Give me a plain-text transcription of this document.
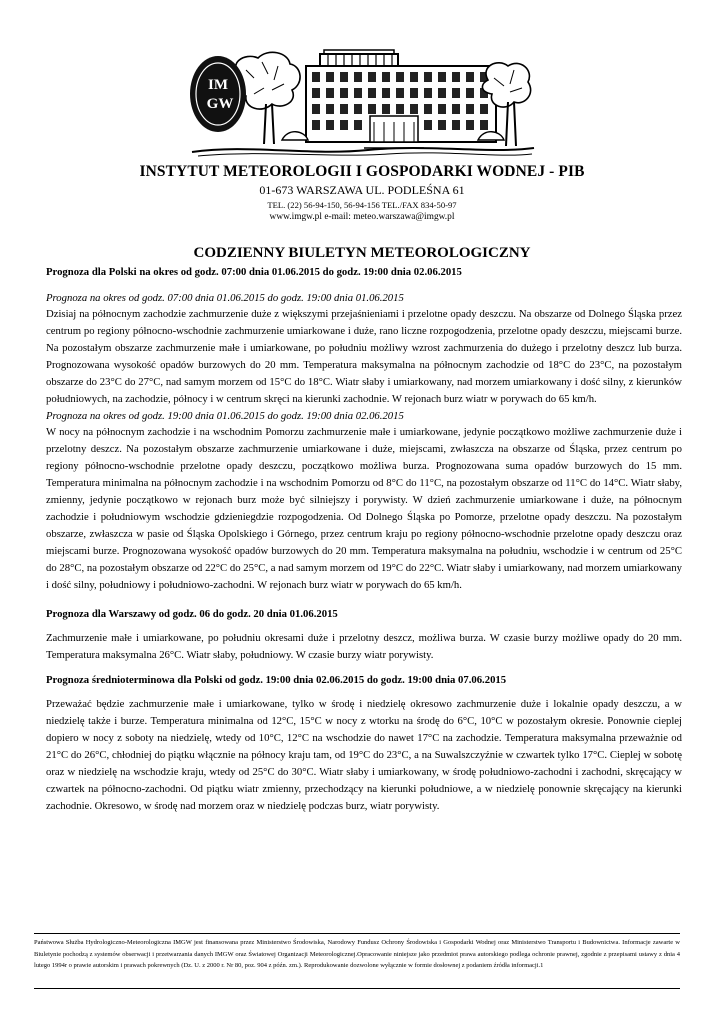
IM
GW
INSTYTUT METEOROLOGII I GOSPODARKI WODNEJ - PIB
01-673 WARSZAWA UL. PODLEŚNA 61
TEL. (22) 56-94-150, 56-94-156 TEL./FAX 834-50-97
www.imgw.pl e-mail: meteo.warszawa@imgw.pl
CODZIENNY BIULETYN METEOROLOGICZNY

Prognoza dla Polski na okres od godz. 07:00 dnia 01.06.2015 do godz. 19:00 dnia 02.06.2015

Prognoza na okres od godz. 07:00 dnia 01.06.2015 do godz. 19:00 dnia 01.06.2015

Dzisiaj na północnym zachodzie zachmurzenie duże z większymi przejaśnieniami i przelotne opady deszczu. Na obszarze od Dolnego Śląska przez centrum po regiony północno-wschodnie zachmurzenie umiarkowane i duże, rano liczne rozpogodzenia, przelotne opady deszczu, miejscami burze. Na pozostałym obszarze zachmurzenie małe i umiarkowane, po południu możliwy wzrost zachmurzenia do dużego i przelotny deszcz lub burza. Prognozowana wysokość opadów burzowych do 20 mm. Temperatura maksymalna na północnym zachodzie od 18°C do 23°C, na pozostałym obszarze do 23°C do 27°C, nad samym morzem od 15°C do 18°C. Wiatr słaby i umiarkowany, nad morzem umiarkowany i dość silny, z kierunków południowych, na zachodzie, północy i w centrum skręci na kierunki zachodnie. W rejonach burz wiatr w porywach do 65 km/h.

Prognoza na okres od godz. 19:00 dnia 01.06.2015 do godz. 19:00 dnia 02.06.2015

W nocy na północnym zachodzie i na wschodnim Pomorzu zachmurzenie małe i umiarkowane, jedynie początkowo możliwe zachmurzenie duże i przelotny deszcz. Na pozostałym obszarze zachmurzenie umiarkowane i duże, miejscami, zwłaszcza na obszarze od Śląska, przez centrum po regiony północno-wschodnie przelotne opady deszczu, początkowo możliwa burza. Prognozowana suma opadów burzowych do 15 mm. Temperatura minimalna na północnym zachodzie i na wschodnim Pomorzu od 8°C do 11°C, na pozostałym obszarze od 11°C do 14°C. Wiatr słaby, zmienny, jedynie początkowo w rejonach burz może być silniejszy i porywisty. W dzień zachmurzenie umiarkowane i duże, na północnym zachodzie i południowym wschodzie gdzieniegdzie rozpogodzenia. Od Dolnego Śląska po Pomorze, przelotne opady deszczu. Na pozostałym obszarze, zwłaszcza w pasie od Śląska Opolskiego i Górnego, przez centrum kraju po regiony północno-wschodnie przelotne opady deszczu oraz miejscami burze. Prognozowana wysokość opadów burzowych do 20 mm. Temperatura maksymalna na południu, wschodzie i w centrum od 25°C do 28°C, na pozostałym obszarze od 22°C do 25°C, a nad samym morzem od 19°C do 22°C. Wiatr słaby i umiarkowany, nad morzem umiarkowany i dość silny, południowy i południowo-zachodni. W rejonach burz wiatr w porywach do 65 km/h.

Prognoza dla Warszawy od godz. 06 do godz. 20 dnia 01.06.2015

Zachmurzenie małe i umiarkowane, po południu okresami duże i przelotny deszcz, możliwa burza. W czasie burzy możliwe opady do 20 mm. Temperatura maksymalna 26°C. Wiatr słaby, południowy. W czasie burzy wiatr porywisty.

Prognoza średnioterminowa dla Polski od godz. 19:00 dnia 02.06.2015 do godz. 19:00 dnia 07.06.2015

Przeważać będzie zachmurzenie małe i umiarkowane, tylko w środę i niedzielę okresowo zachmurzenie duże i lokalnie opady deszczu, a w niedzielę także i burze. Temperatura minimalna od 12°C, 15°C w nocy z wtorku na środę do 6°C, 10°C w pozostałym okresie. Ponownie cieplej dopiero w nocy z soboty na niedzielę, wtedy od 10°C, 12°C na wschodzie do nawet 17°C na zachodzie. Temperatura maksymalna przeważnie od 21°C do 26°C, chłodniej do piątku włącznie na północy kraju tam, od 19°C do 23°C, a na Suwalszczyźnie w czwartek tylko 17°C. Cieplej w sobotę oraz w niedzielę na wschodzie kraju, wtedy od 25°C do 30°C. Wiatr słaby i umiarkowany, w środę południowo-zachodni i zachodni, skręcający w czwartek na północno-zachodni. Od piątku wiatr zmienny, przechodzący na kierunki południowe, a w niedzielę ponownie skręcający na kierunki zachodnie. Okresowo, w środę nad morzem oraz w niedzielę podczas burz, wiatr porywisty.

Państwowa Służba Hydrologiczno-Meteorologiczna IMGW jest finansowana przez Ministerstwo Środowiska, Narodowy Fundusz Ochrony Środowiska i Gospodarki Wodnej oraz Ministerstwo Transportu i Budownictwa. Informacje zawarte w Biuletynie pochodzą z systemów obserwacji i przetwarzania danych IMGW oraz Światowej Organizacji Meteorologicznej.Opracowanie niniejsze jako przedmiot prawa autorskiego podlega ochronie prawnej, zgodnie z przepisami ustawy z dnia 4 lutego 1994r o prawie autorskim i prawach pokrewnych (Dz. U. z 2000 r. Nr 80, poz. 904 z późn. zm.). Reprodukowanie dozwolone wyłącznie w formie dosłownej z podaniem źródła informacji.1
